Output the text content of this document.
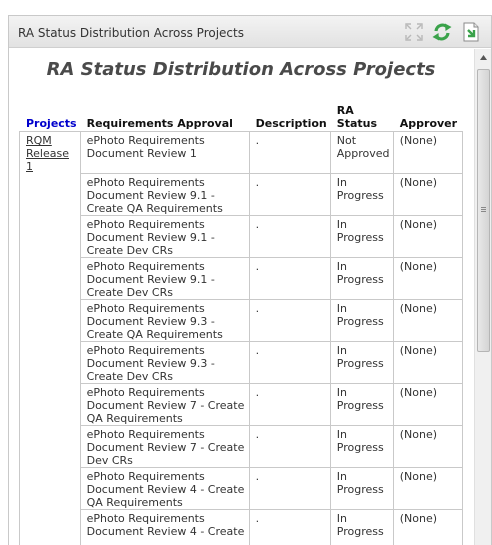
RA Status Distribution Across Projects
RA Status Distribution Across Projects
Projects	Requirements Approval	Description	RA Status	Approver
RQM Release 1	ePhoto Requirements Document Review 1	.	Not Approved	(None)
	ePhoto Requirements Document Review 9.1 - Create QA Requirements	.	In Progress	(None)
	ePhoto Requirements Document Review 9.1 - Create Dev CRs	.	In Progress	(None)
	ePhoto Requirements Document Review 9.1 - Create Dev CRs	.	In Progress	(None)
	ePhoto Requirements Document Review 9.3 - Create QA Requirements	.	In Progress	(None)
	ePhoto Requirements Document Review 9.3 - Create Dev CRs	.	In Progress	(None)
	ePhoto Requirements Document Review 7 - Create QA Requirements	.	In Progress	(None)
	ePhoto Requirements Document Review 7 - Create Dev CRs	.	In Progress	(None)
	ePhoto Requirements Document Review 4 - Create QA Requirements	.	In Progress	(None)
	ePhoto Requirements Document Review 4 - Create	.	In Progress	(None)
